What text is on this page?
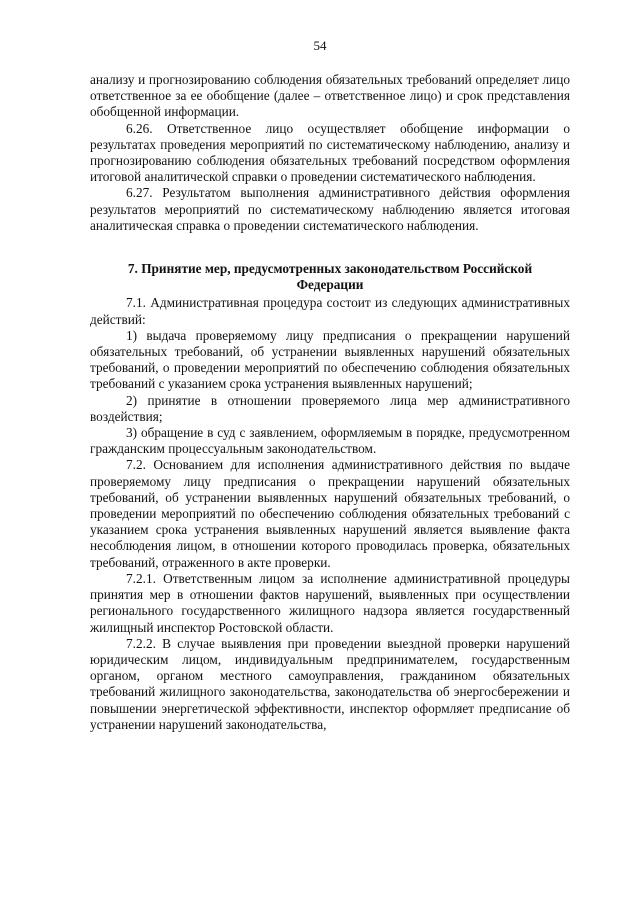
54

анализу и прогнозированию соблюдения обязательных требований определяет лицо ответственное за ее обобщение (далее – ответственное лицо) и срок представления обобщенной информации.

6.26. Ответственное лицо осуществляет обобщение информации о результатах проведения мероприятий по систематическому наблюдению, анализу и прогнозированию соблюдения обязательных требований посредством оформления итоговой аналитической справки о проведении систематического наблюдения.

6.27. Результатом выполнения административного действия оформления результатов мероприятий по систематическому наблюдению является итоговая аналитическая справка о проведении систематического наблюдения.

7. Принятие мер, предусмотренных законодательством Российской Федерации

7.1. Административная процедура состоит из следующих административных действий:

1) выдача проверяемому лицу предписания о прекращении нарушений обязательных требований, об устранении выявленных нарушений обязательных требований, о проведении мероприятий по обеспечению соблюдения обязательных требований с указанием срока устранения выявленных нарушений;

2) принятие в отношении проверяемого лица мер административного воздействия;

3) обращение в суд с заявлением, оформляемым в порядке, предусмотренном гражданским процессуальным законодательством.

7.2. Основанием для исполнения административного действия по выдаче проверяемому лицу предписания о прекращении нарушений обязательных требований, об устранении выявленных нарушений обязательных требований, о проведении мероприятий по обеспечению соблюдения обязательных требований с указанием срока устранения выявленных нарушений является выявление факта несоблюдения лицом, в отношении которого проводилась проверка, обязательных требований, отраженного в акте проверки.

7.2.1. Ответственным лицом за исполнение административной процедуры принятия мер в отношении фактов нарушений, выявленных при осуществлении регионального государственного жилищного надзора является государственный жилищный инспектор Ростовской области.

7.2.2. В случае выявления при проведении выездной проверки нарушений юридическим лицом, индивидуальным предпринимателем, государственным органом, органом местного самоуправления, гражданином обязательных требований жилищного законодательства, законодательства об энергосбережении и повышении энергетической эффективности, инспектор оформляет предписание об устранении нарушений законодательства,
